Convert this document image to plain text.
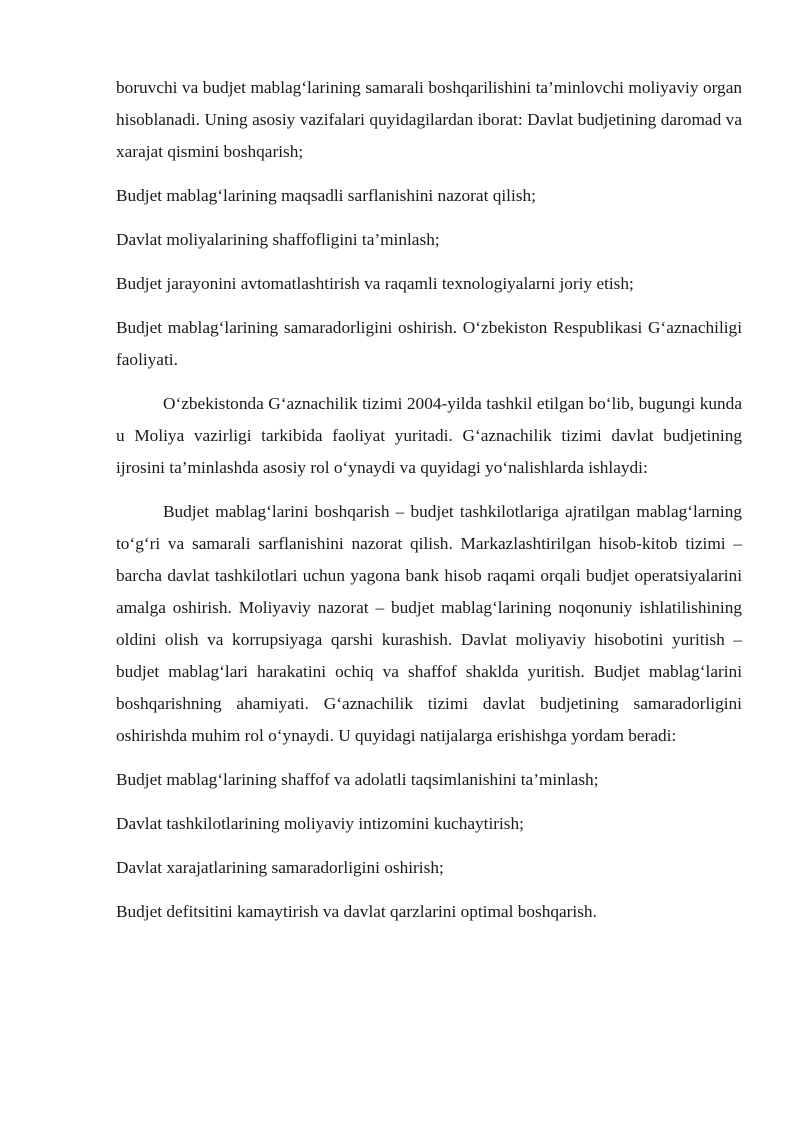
boruvchi va budjet mablag‘larining samarali boshqarilishini ta’minlovchi moliyaviy organ hisoblanadi. Uning asosiy vazifalari quyidagilardan iborat: Davlat budjetining daromad va xarajat qismini boshqarish;

Budjet mablag‘larining maqsadli sarflanishini nazorat qilish;

Davlat moliyalarining shaffofligini ta’minlash;

Budjet jarayonini avtomatlashtirish va raqamli texnologiyalarni joriy etish;

Budjet mablag‘larining samaradorligini oshirish. O‘zbekiston Respublikasi G‘aznachiligi faoliyati.

O‘zbekistonda G‘aznachilik tizimi 2004-yilda tashkil etilgan bo‘lib, bugungi kunda u Moliya vazirligi tarkibida faoliyat yuritadi. G‘aznachilik tizimi davlat budjetining ijrosini ta’minlashda asosiy rol o‘ynaydi va quyidagi yo‘nalishlarda ishlaydi:

Budjet mablag‘larini boshqarish – budjet tashkilotlariga ajratilgan mablag‘larning to‘g‘ri va samarali sarflanishini nazorat qilish. Markazlashtirilgan hisob-kitob tizimi – barcha davlat tashkilotlari uchun yagona bank hisob raqami orqali budjet operatsiyalarini amalga oshirish. Moliyaviy nazorat – budjet mablag‘larining noqonuniy ishlatilishining oldini olish va korrupsiyaga qarshi kurashish. Davlat moliyaviy hisobotini yuritish – budjet mablag‘lari harakatini ochiq va shaffof shaklda yuritish. Budjet mablag‘larini boshqarishning ahamiyati. G‘aznachilik tizimi davlat budjetining samaradorligini oshirishda muhim rol o‘ynaydi. U quyidagi natijalarga erishishga yordam beradi:

Budjet mablag‘larining shaffof va adolatli taqsimlanishini ta’minlash;

Davlat tashkilotlarining moliyaviy intizomini kuchaytirish;

Davlat xarajatlarining samaradorligini oshirish;

Budjet defitsitini kamaytirish va davlat qarzlarini optimal boshqarish.
